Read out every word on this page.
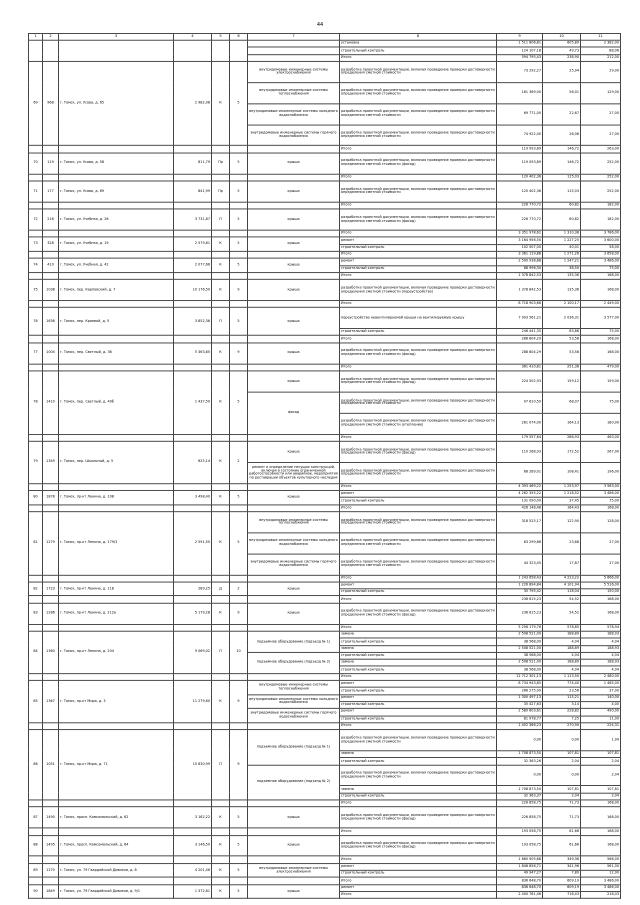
44
1	2	3	4	5	6	7	8	9	10	11
							установка	1 511 806,81	605,89	2 382,00
							строительный контроль	124 107,18	49,73	88,06
							Итого	594 795,43	238,90	212,00
69	968	г. Томск, ул. Усова, д. 65	2 982,08	К	5	внутридомовые инженерные системы электроснабжения	разработка проектной документации, включая проведение проверки достоверности определения сметной стоимости	73 292,27	25,94	29,00
						внутридомовые инженерные системы теплоснабжения	разработка проектной документации, включая проведение проверки достоверности определения сметной стоимости	161 369,00	56,01	129,00
						внутридомовые инженерные системы холодного водоснабжения	разработка проектной документации, включая проведение проверки достоверности определения сметной стоимости	69 771,00	22,67	27,00
						внутридомовые инженерные системы горячего водоснабжения	разработка проектной документации, включая проведение проверки достоверности определения сметной стоимости	74 922,00	26,06	27,00
							Итого	119 093,89	146,72	263,00
70	119	г. Томск, ул. Усова, д. 58	811,79	Пр	5	крыша	разработка проектной документации, включая проведение проверки достоверности определения сметной стоимости (фасад)	119 093,89	146,72	252,00
							Итого	120 402,36	115,03	252,00
71	177	г. Томск, ул. Усова, д. 69	841,99	Пр	5	крыша	разработка проектной документации, включая проведение проверки достоверности определения сметной стоимости	120 402,36	115,03	252,00
							Итого	226 770,72	60,82	182,00
72	216	г. Томск, ул. Учебная, д. 26	3 731,87	П	5	крыша	разработка проектной документации, включая проведение проверки достоверности определения сметной стоимости (фасад)	226 770,72	60,82	182,00
							Итого	3 351 978,62	1 310,38	3 786,00
73	328	г. Томск, ул. Учебная, д. 19	2 579,81	К	5	крыша	ремонт	3 164 956,50	1 227,25	3 600,00
							строительный контроль	102 507,00	40,01	58,00
							Итого	3 361 119,88	1 271,26	3 658,00
74	410	г. Томск, ул. Учебная, д. 42	2 077,66	К	5	крыша	ремонт	2 590 938,88	1 247,21	3 486,00
							строительный контроль	88 996,30	38,50	75,00
							Итого	1 378 842,53	135,36	168,00
75	1038	г. Томск, пер. Карповский, д. 7	10 176,50	К	9	крыша	разработка проектной документации, включая проведение проверки достоверности определения сметной стоимости (переустройство)	1 378 842,53	135,36	168,00
							Итого	8 718 903,66	2 100,17	2 449,00
76	1636	г. Томск, пер. Краевой, д. 5	3 852,36	П	5	крыша	переустройство невентилируемой крыши на вентилируемую крышу	7 993 561,21	2 036,31	3 577,00
							строительный контроль	246 441,35	63,86	75,00
							Итого	288 804,29	53,58	168,00
77	1004	г. Томск, пер. Светлый, д. 36	5 363,85	К	9	крыша	разработка проектной документации, включая проведение проверки достоверности определения сметной стоимости (фасад)	288 804,29	53,58	168,00
							Итого	361 410,81	251,36	479,00
78	1410	г. Томск, пер. Светлый, д. 40б	1 437,50	К	5	крыша	разработка проектной документации, включая проведение проверки достоверности определения сметной стоимости (фасад)	224 502,93	159,12	159,00
						фасад	разработка проектной документации, включая проведение проверки достоверности определения сметной стоимости	97 610,50	68,07	75,00
							разработка проектной документации, включая проведение проверки достоверности определения сметной стоимости (утепление)	261 074,00	164,13	180,00
							Итого	179 557,64	286,93	463,00
79	1349	г. Томск, пер. Школьный, д. 5	625,14	К	2	крыша	разработка проектной документации, включая проведение проверки достоверности определения сметной стоимости (фасад)	110 268,93	172,52	267,00
						ремонт и определение несущих конструкций, включая в состояние ограниченной работоспособности или аварийное, мероприятия по реставрации объектов культурного наследия	разработка проектной документации, включая проведение проверки достоверности определения сметной стоимости	68 289,01	108,41	196,00
							Итого	4 393 469,22	1 253,97	3 563,00
80	1878	г. Томск, пр-кт Ленина, д. 108	3 498,40	К	5	крыша	ремонт	4 262 355,22	1 218,52	3 486,00
							строительный контроль	131 090,00	37,45	75,00
							Итого	426 148,48	164,43	168,00
81	1279	г. Томск, пр-кт Ленина, д. 179/3	2 591,50	К	5	внутридомовые инженерные системы теплоснабжения	разработка проектной документации, включая проведение проверки достоверности определения сметной стоимости	318 525,17	122,90	128,00
						внутридомовые инженерные системы холодного водоснабжения	разработка проектной документации, включая проведение проверки достоверности определения сметной стоимости	63 299,86	23,68	27,00
						внутридомовые инженерные системы горячего водоснабжения	разработка проектной документации, включая проведение проверки достоверности определения сметной стоимости	44 323,45	17,87	27,00
							Итого	1 243 658,43	4 223,22	5 666,00
82	1723	г. Томск, пр-кт Ленина, д. 118	289,25	Д	2	крыша	ремонт	1 226 894,84	4 101,94	5 516,00
							строительный контроль	35 795,42	118,04	150,00
							Итого	236 615,23	54,52	168,00
83	1286	г. Томск, пр-кт Ленина, д. 212а	5 179,28	К	9	крыша	разработка проектной документации, включая проведение проверки достоверности определения сметной стоимости (фасад)	236 615,23	54,52	168,00
							Итого	5 256 179,76	578,85	578,94
84	1360	г. Томск, пр-кт Ленина, д. 204	9 069,02	П	10	подъемное оборудование (подъезд № 1)	замена	2 508 521,00	188,89	188,93
							строительный контроль	38 568,00	4,04	4,04
							замена	2 508 521,00	188,89	188,93
						подъемное оборудование (подъезд № 2)	строительный контроль	38 568,00	4,04	4,04
							замена	2 508 521,00	188,89	188,93
							строительный контроль	38 568,00	4,04	4,04
							Итого	12 712 301,13	1 113,50	2 480,00
85	1367	г. Томск, пр-кт Мира, д. 3	11 279,60	К	9	внутридомовые инженерные системы теплоснабжения	ремонт	8 734 943,85	774,40	1 465,00
							строительный контроль	266 275,99	23,56	37,00
						внутридомовые инженерные системы холодного водоснабжения	ремонт	1 300 497,13	115,21	140,00
							строительный контроль	35 427,63	3,14	4,00
						внутридомовые инженерные системы горячего водоснабжения	ремонт	2 580 603,61	228,82	490,00
							строительный контроль	81 978,77	7,25	11,00
							Итого	1 452 366,23	270,90	224,31
86	1051	г. Томск, пр-кт Мира, д. 71	15 830,99	П	9	подъемное оборудование (подъезд № 1)	разработка проектной документации, включая проведение проверки достоверности определения сметной стоимости	0,00	0,00	1,99
							замена	1 708 873,50	107,81	107,81
							строительный контроль	32 363,26	2,04	2,04
						подъемное оборудование (подъезд № 2)	разработка проектной документации, включая проведение проверки достоверности определения сметной стоимости	0,00	0,00	2,04
							замена	1 708 873,50	107,81	107,81
							строительный контроль	32 363,37	2,04	2,04
							Итого	226 858,75	71,73	168,00
87	1490	г. Томск, просп. Комсомольский, д. 62	3 162,22	К	5	крыша	разработка проектной документации, включая проведение проверки достоверности определения сметной стоимости (фасад)	226 858,75	71,73	168,00
							Итого	193 058,75	61,66	168,00
88	1495	г. Томск, просп. Комсомольский, д. 64	3 146,50	К	5	крыша	разработка проектной документации, включая проведение проверки достоверности определения сметной стоимости (фасад)	193 058,75	61,66	168,00
							Итого	1 660 905,68	349,36	566,00
89	1270	г. Томск, ул. 79 Гвардейской Дивизии, д. 8	4 201,46	К	5	внутридомовые инженерные системы электроснабжения	ремонт	1 846 858,71	341,96	561,00
							строительный контроль	49 947,27	7,80	12,00
							Итого	836 648,70	609,19	3 486,00
90	1849	г. Томск, ул. 79 Гвардейской Дивизии, д. 9/1	1 372,81	К	5	крыша	ремонт	836 648,70	609,19	3 486,00
							Итого	2 400 761,46	716,43	218,03
